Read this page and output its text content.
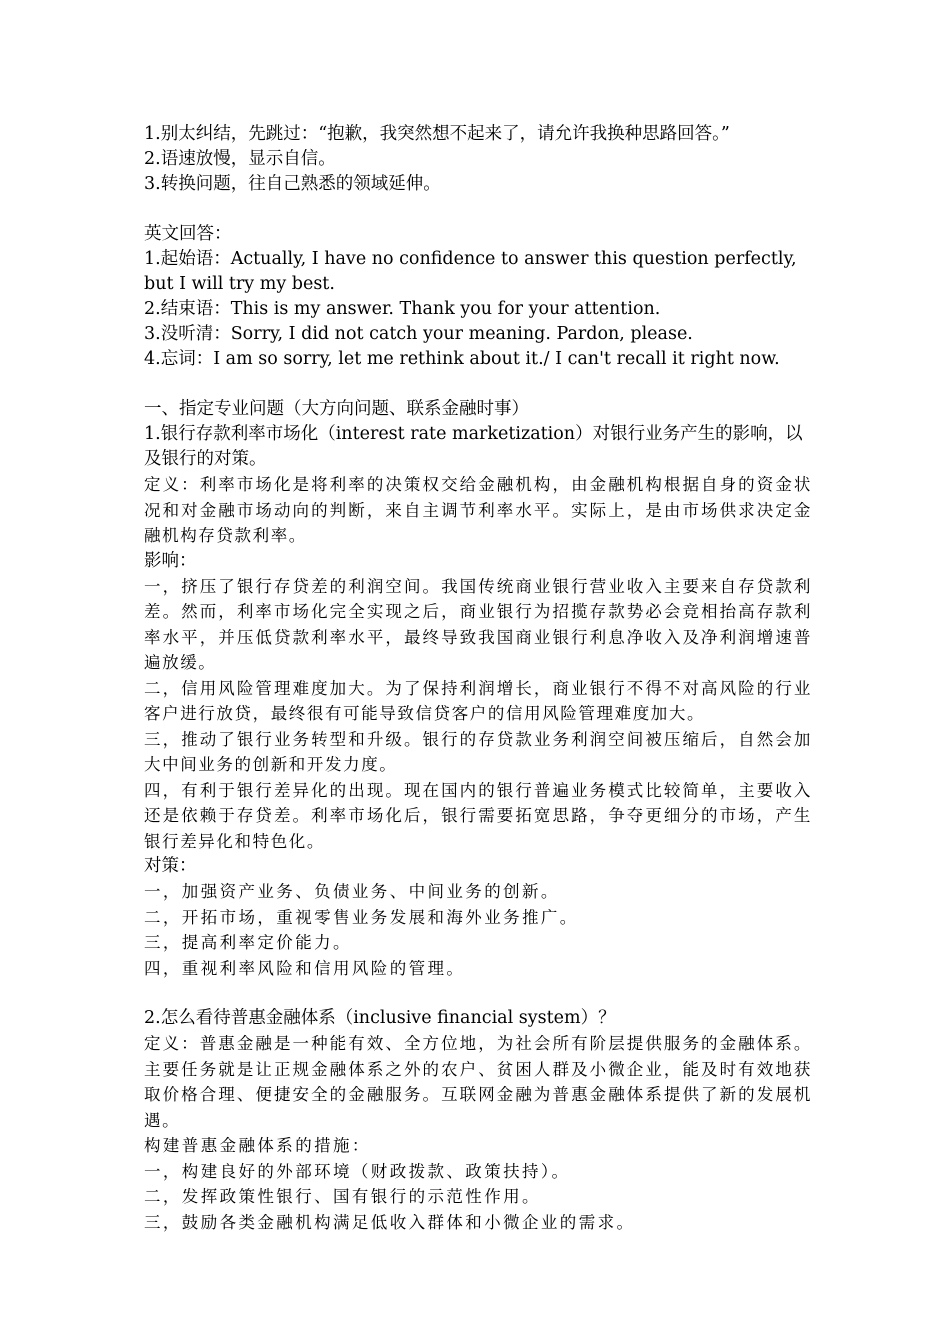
1.别太纠结，先跳过：“抱歉，我突然想不起来了，请允许我换种思路回答。”
2.语速放慢，显示自信。
3.转换问题，往自己熟悉的领域延伸。
英文回答：
1.起始语：Actually, I have no confidence to answer this question perfectly, but I will try my best.
2.结束语：This is my answer. Thank you for your attention.
3.没听清：Sorry, I did not catch your meaning. Pardon, please.
4.忘词：I am so sorry, let me rethink about it./ I can't recall it right now.
一、指定专业问题（大方向问题、联系金融时事）
1.银行存款利率市场化（interest rate marketization）对银行业务产生的影响，以及银行的对策。
定义：利率市场化是将利率的决策权交给金融机构，由金融机构根据自身的资金状况和对金融市场动向的判断，来自主调节利率水平。实际上，是由市场供求决定金融机构存贷款利率。
影响：
一，挤压了银行存贷差的利润空间。我国传统商业银行营业收入主要来自存贷款利差。然而，利率市场化完全实现之后，商业银行为招揽存款势必会竞相抬高存款利率水平，并压低贷款利率水平，最终导致我国商业银行利息净收入及净利润增速普遍放缓。
二，信用风险管理难度加大。为了保持利润增长，商业银行不得不对高风险的行业客户进行放贷，最终很有可能导致信贷客户的信用风险管理难度加大。
三，推动了银行业务转型和升级。银行的存贷款业务利润空间被压缩后，自然会加大中间业务的创新和开发力度。
四，有利于银行差异化的出现。现在国内的银行普遍业务模式比较简单，主要收入还是依赖于存贷差。利率市场化后，银行需要拓宽思路，争夺更细分的市场，产生银行差异化和特色化。
对策：
一，加强资产业务、负债业务、中间业务的创新。
二，开拓市场，重视零售业务发展和海外业务推广。
三，提高利率定价能力。
四，重视利率风险和信用风险的管理。
2.怎么看待普惠金融体系（inclusive financial system）？
定义：普惠金融是一种能有效、全方位地，为社会所有阶层提供服务的金融体系。主要任务就是让正规金融体系之外的农户、贫困人群及小微企业，能及时有效地获取价格合理、便捷安全的金融服务。互联网金融为普惠金融体系提供了新的发展机遇。
构建普惠金融体系的措施：
一，构建良好的外部环境（财政拨款、政策扶持）。
二，发挥政策性银行、国有银行的示范性作用。
三，鼓励各类金融机构满足低收入群体和小微企业的需求。
